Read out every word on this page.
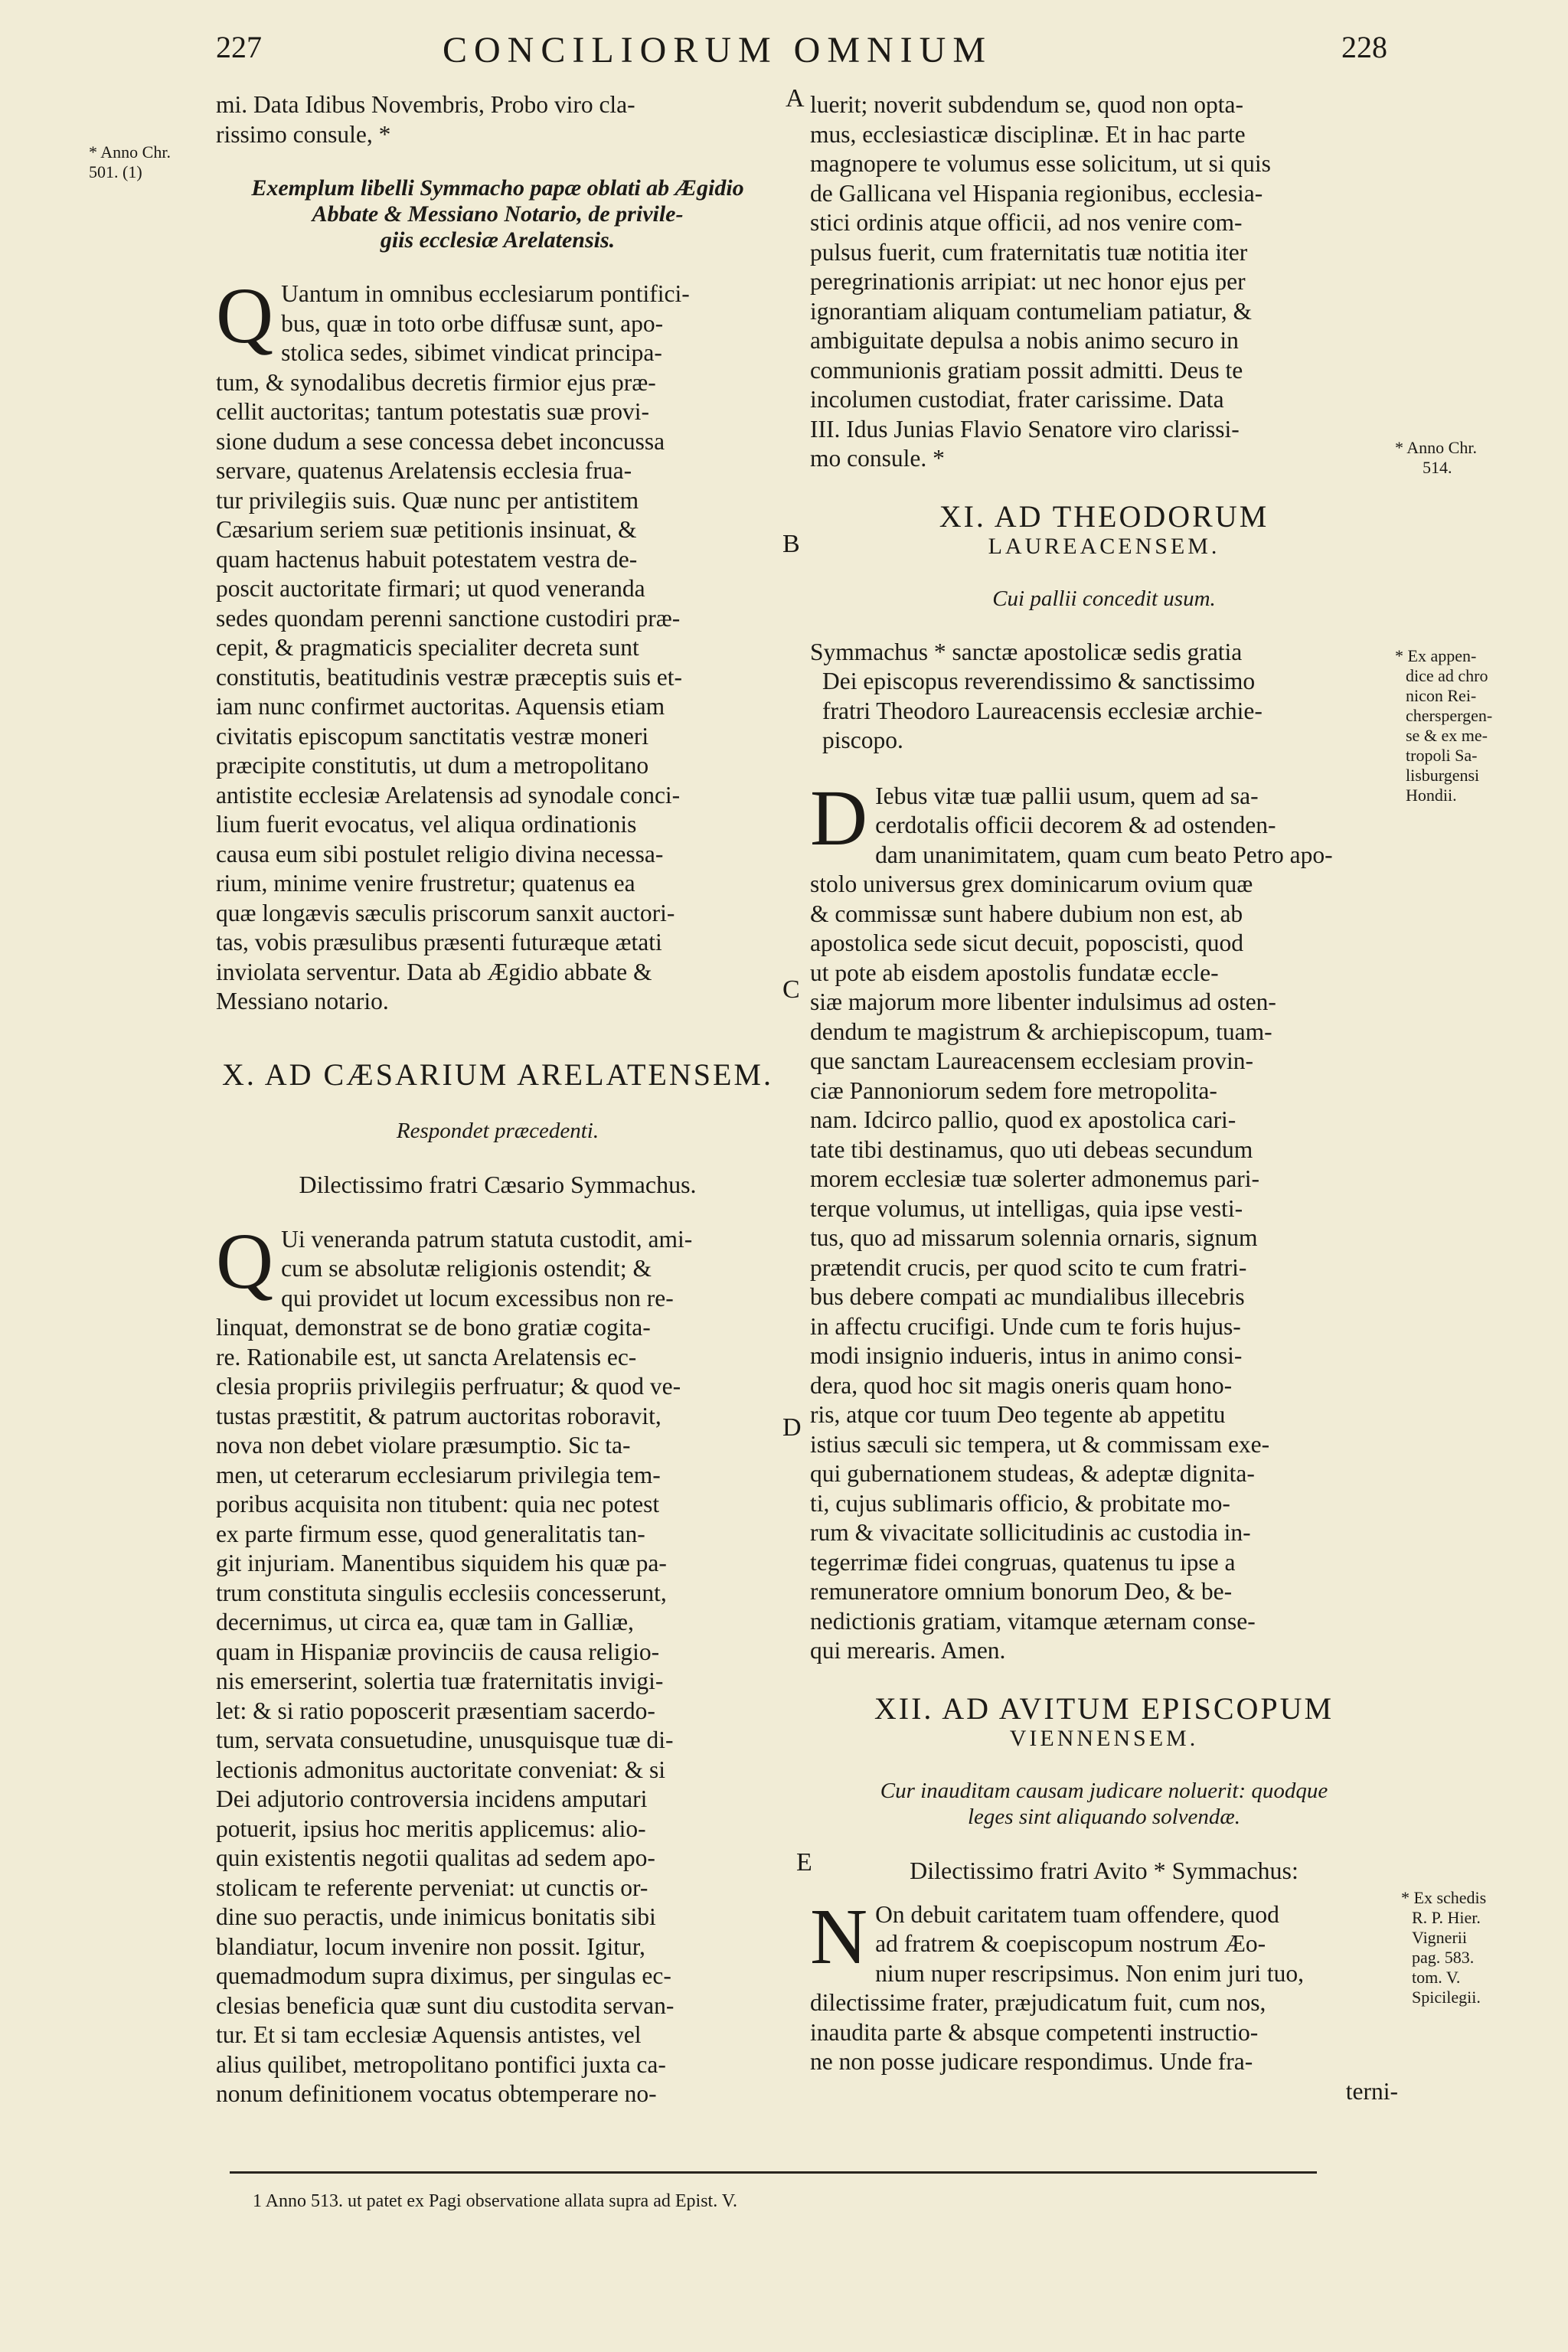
227	CONCILIORUM OMNIUM	228
* Anno Chr.
501. (1)
* Anno Chr.
514.
* Ex appen-
dice ad chro
nicon Rei-
cherspergen-
se & ex me-
tropoli Sa-
lisburgensi
Hondii.
* Ex schedis
R. P. Hier.
Vignerii
pag. 583.
tom. V.
Spicilegii.
A
B
C
D
E

mi. Data Idibus Novembris, Probo viro cla-

rissimo consule, *

Exemplum libelli Symmacho papæ oblati ab Ægidio
Abbate & Messiano Notario, de privile-
giis ecclesiæ Arelatensis.
Q Uantum in omnibus ecclesiarum pontifici-

bus, quæ in toto orbe diffusæ sunt, apo-

stolica sedes, sibimet vindicat principa-

tum, & synodalibus decretis firmior ejus præ-

cellit auctoritas; tantum potestatis suæ provi-

sione dudum a sese concessa debet inconcussa

servare, quatenus Arelatensis ecclesia frua-

tur privilegiis suis. Quæ nunc per antistitem

Cæsarium seriem suæ petitionis insinuat, &

quam hactenus habuit potestatem vestra de-

poscit auctoritate firmari; ut quod veneranda

sedes quondam perenni sanctione custodiri præ-

cepit, & pragmaticis specialiter decreta sunt

constitutis, beatitudinis vestræ præceptis suis et-

iam nunc confirmet auctoritas. Aquensis etiam

civitatis episcopum sanctitatis vestræ moneri

præcipite constitutis, ut dum a metropolitano

antistite ecclesiæ Arelatensis ad synodale conci-

lium fuerit evocatus, vel aliqua ordinationis

causa eum sibi postulet religio divina necessa-

rium, minime venire frustretur; quatenus ea

quæ longævis sæculis priscorum sanxit auctori-

tas, vobis præsulibus præsenti futuræque ætati

inviolata serventur. Data ab Ægidio abbate &

Messiano notario.

X. AD CÆSARIUM ARELATENSEM.
Respondet præcedenti.
Dilectissimo fratri Cæsario Symmachus.
Q Ui veneranda patrum statuta custodit, ami-

cum se absolutæ religionis ostendit; &

qui providet ut locum excessibus non re-

linquat, demonstrat se de bono gratiæ cogita-

re. Rationabile est, ut sancta Arelatensis ec-

clesia propriis privilegiis perfruatur; & quod ve-

tustas præstitit, & patrum auctoritas roboravit,

nova non debet violare præsumptio. Sic ta-

men, ut ceterarum ecclesiarum privilegia tem-

poribus acquisita non titubent: quia nec potest

ex parte firmum esse, quod generalitatis tan-

git injuriam. Manentibus siquidem his quæ pa-

trum constituta singulis ecclesiis concesserunt,

decernimus, ut circa ea, quæ tam in Galliæ,

quam in Hispaniæ provinciis de causa religio-

nis emerserint, solertia tuæ fraternitatis invigi-

let: & si ratio poposcerit præsentiam sacerdo-

tum, servata consuetudine, unusquisque tuæ di-

lectionis admonitus auctoritate conveniat: & si

Dei adjutorio controversia incidens amputari

potuerit, ipsius hoc meritis applicemus: alio-

quin existentis negotii qualitas ad sedem apo-

stolicam te referente perveniat: ut cunctis or-

dine suo peractis, unde inimicus bonitatis sibi

blandiatur, locum invenire non possit. Igitur,

quemadmodum supra diximus, per singulas ec-

clesias beneficia quæ sunt diu custodita servan-

tur. Et si tam ecclesiæ Aquensis antistes, vel

alius quilibet, metropolitano pontifici juxta ca-

nonum definitionem vocatus obtemperare no-

luerit; noverit subdendum se, quod non opta-

mus, ecclesiasticæ disciplinæ. Et in hac parte

magnopere te volumus esse solicitum, ut si quis

de Gallicana vel Hispania regionibus, ecclesia-

stici ordinis atque officii, ad nos venire com-

pulsus fuerit, cum fraternitatis tuæ notitia iter

peregrinationis arripiat: ut nec honor ejus per

ignorantiam aliquam contumeliam patiatur, &

ambiguitate depulsa a nobis animo securo in

communionis gratiam possit admitti. Deus te

incolumen custodiat, frater carissime. Data

III. Idus Junias Flavio Senatore viro clarissi-

mo consule. *

XI. AD THEODORUM
LAUREACENSEM.
Cui pallii concedit usum.

Symmachus * sanctæ apostolicæ sedis gratia

Dei episcopus reverendissimo & sanctissimo

fratri Theodoro Laureacensis ecclesiæ archie-

piscopo.

D Iebus vitæ tuæ pallii usum, quem ad sa-

cerdotalis officii decorem & ad ostenden-

dam unanimitatem, quam cum beato Petro apo-

stolo universus grex dominicarum ovium quæ

& commissæ sunt habere dubium non est, ab

apostolica sede sicut decuit, poposcisti, quod

ut pote ab eisdem apostolis fundatæ eccle-

siæ majorum more libenter indulsimus ad osten-

dendum te magistrum & archiepiscopum, tuam-

que sanctam Laureacensem ecclesiam provin-

ciæ Pannoniorum sedem fore metropolita-

nam. Idcirco pallio, quod ex apostolica cari-

tate tibi destinamus, quo uti debeas secundum

morem ecclesiæ tuæ solerter admonemus pari-

terque volumus, ut intelligas, quia ipse vesti-

tus, quo ad missarum solennia ornaris, signum

prætendit crucis, per quod scito te cum fratri-

bus debere compati ac mundialibus illecebris

in affectu crucifigi. Unde cum te foris hujus-

modi insignio indueris, intus in animo consi-

dera, quod hoc sit magis oneris quam hono-

ris, atque cor tuum Deo tegente ab appetitu

istius sæculi sic tempera, ut & commissam exe-

qui gubernationem studeas, & adeptæ dignita-

ti, cujus sublimaris officio, & probitate mo-

rum & vivacitate sollicitudinis ac custodia in-

tegerrimæ fidei congruas, quatenus tu ipse a

remuneratore omnium bonorum Deo, & be-

nedictionis gratiam, vitamque æternam conse-

qui merearis. Amen.

XII. AD AVITUM EPISCOPUM
VIENNENSEM.
Cur inauditam causam judicare noluerit: quodque
leges sint aliquando solvendæ.
Dilectissimo fratri Avito * Symmachus:
N On debuit caritatem tuam offendere, quod

ad fratrem & coepiscopum nostrum Æo-

nium nuper rescripsimus. Non enim juri tuo,

dilectissime frater, præjudicatum fuit, cum nos,

inaudita parte & absque competenti instructio-

ne non posse judicare respondimus. Unde fra-

terni-

1 Anno 513. ut patet ex Pagi observatione allata supra ad Epist. V.
